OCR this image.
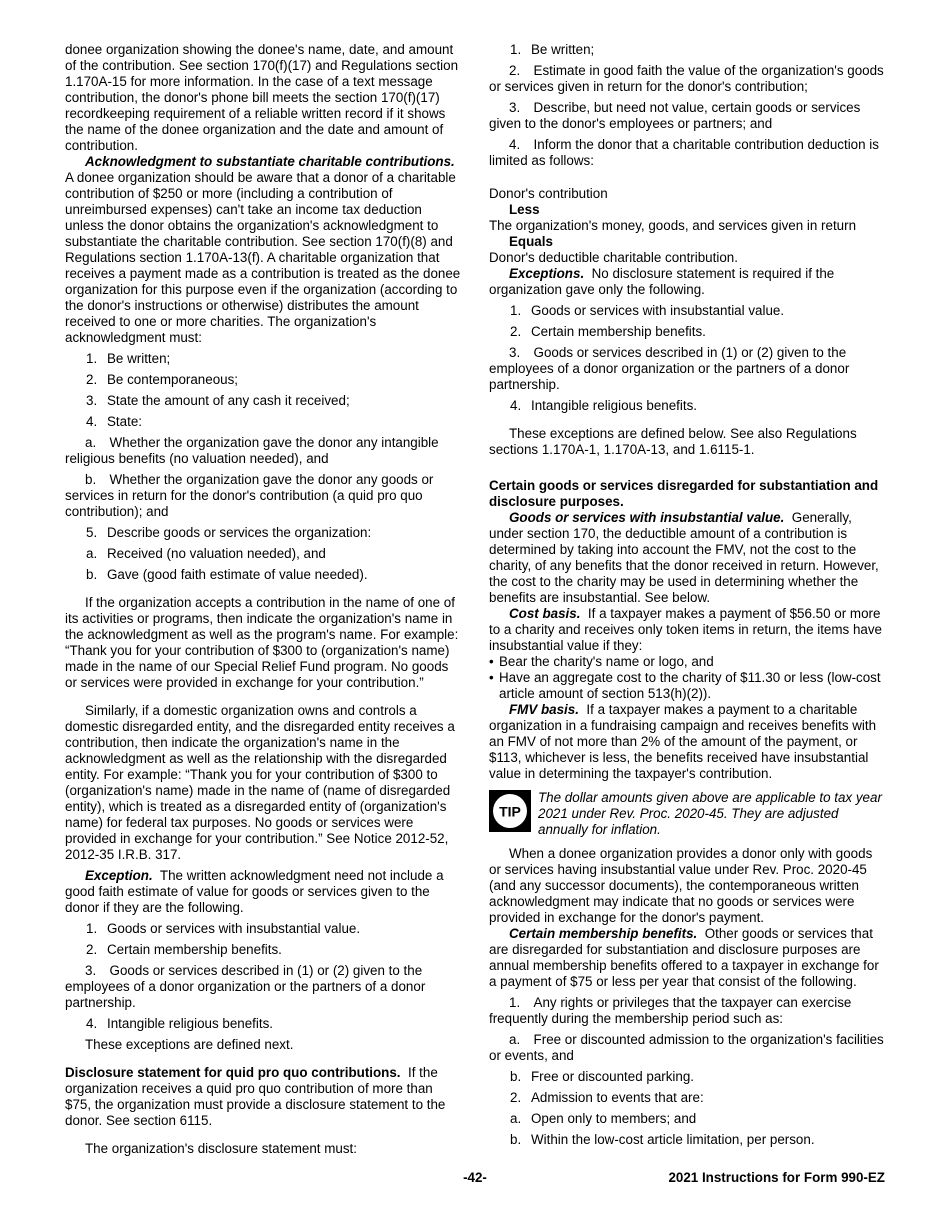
donee organization showing the donee's name, date, and amount of the contribution. See section 170(f)(17) and Regulations section 1.170A-15 for more information. In the case of a text message contribution, the donor's phone bill meets the section 170(f)(17) recordkeeping requirement of a reliable written record if it shows the name of the donee organization and the date and amount of contribution.

Acknowledgment to substantiate charitable contributions.  A donee organization should be aware that a donor of a charitable contribution of $250 or more (including a contribution of unreimbursed expenses) can't take an income tax deduction unless the donor obtains the organization's acknowledgment to substantiate the charitable contribution. See section 170(f)(8) and Regulations section 1.170A-13(f). A charitable organization that receives a payment made as a contribution is treated as the donee organization for this purpose even if the organization (according to the donor's instructions or otherwise) distributes the amount received to one or more charities. The organization's acknowledgment must:

1. Be written;

2. Be contemporaneous;

3. State the amount of any cash it received;

4. State:

a. Whether the organization gave the donor any intangible religious benefits (no valuation needed), and

b. Whether the organization gave the donor any goods or services in return for the donor's contribution (a quid pro quo contribution); and

5. Describe goods or services the organization:

a. Received (no valuation needed), and

b. Gave (good faith estimate of value needed).

If the organization accepts a contribution in the name of one of its activities or programs, then indicate the organization's name in the acknowledgment as well as the program's name. For example: “Thank you for your contribution of $300 to (organization's name) made in the name of our Special Relief Fund program. No goods or services were provided in exchange for your contribution.”

Similarly, if a domestic organization owns and controls a domestic disregarded entity, and the disregarded entity receives a contribution, then indicate the organization's name in the acknowledgment as well as the relationship with the disregarded entity. For example: “Thank you for your contribution of $300 to (organization's name) made in the name of (name of disregarded entity), which is treated as a disregarded entity of (organization's name) for federal tax purposes. No goods or services were provided in exchange for your contribution.” See Notice 2012-52, 2012-35 I.R.B. 317.

Exception. The written acknowledgment need not include a good faith estimate of value for goods or services given to the donor if they are the following.

1. Goods or services with insubstantial value.

2. Certain membership benefits.

3. Goods or services described in (1) or (2) given to the employees of a donor organization or the partners of a donor partnership.

4. Intangible religious benefits.

These exceptions are defined next.

Disclosure statement for quid pro quo contributions. If the organization receives a quid pro quo contribution of more than $75, the organization must provide a disclosure statement to the donor. See section 6115.

The organization's disclosure statement must:

1. Be written;

2. Estimate in good faith the value of the organization's goods or services given in return for the donor's contribution;

3. Describe, but need not value, certain goods or services given to the donor's employees or partners; and

4. Inform the donor that a charitable contribution deduction is limited as follows:

Donor's contribution

Less

The organization's money, goods, and services given in return

Equals

Donor's deductible charitable contribution.

Exceptions. No disclosure statement is required if the organization gave only the following.

1. Goods or services with insubstantial value.

2. Certain membership benefits.

3. Goods or services described in (1) or (2) given to the employees of a donor organization or the partners of a donor partnership.

4. Intangible religious benefits.

These exceptions are defined below. See also Regulations sections 1.170A-1, 1.170A-13, and 1.6115-1.

Certain goods or services disregarded for substantiation and disclosure purposes.

Goods or services with insubstantial value. Generally, under section 170, the deductible amount of a contribution is determined by taking into account the FMV, not the cost to the charity, of any benefits that the donor received in return. However, the cost to the charity may be used in determining whether the benefits are insubstantial. See below.

Cost basis. If a taxpayer makes a payment of $56.50 or more to a charity and receives only token items in return, the items have insubstantial value if they:

• Bear the charity's name or logo, and

• Have an aggregate cost to the charity of $11.30 or less (low-cost article amount of section 513(h)(2)).

FMV basis. If a taxpayer makes a payment to a charitable organization in a fundraising campaign and receives benefits with an FMV of not more than 2% of the amount of the payment, or $113, whichever is less, the benefits received have insubstantial value in determining the taxpayer's contribution.

TIP

The dollar amounts given above are applicable to tax year 2021 under Rev. Proc. 2020-45. They are adjusted annually for inflation.

When a donee organization provides a donor only with goods or services having insubstantial value under Rev. Proc. 2020-45 (and any successor documents), the contemporaneous written acknowledgment may indicate that no goods or services were provided in exchange for the donor's payment.

Certain membership benefits. Other goods or services that are disregarded for substantiation and disclosure purposes are annual membership benefits offered to a taxpayer in exchange for a payment of $75 or less per year that consist of the following.

1. Any rights or privileges that the taxpayer can exercise frequently during the membership period such as:

a. Free or discounted admission to the organization's facilities or events, and

b. Free or discounted parking.

2. Admission to events that are:

a. Open only to members; and

b. Within the low-cost article limitation, per person.

-42-	2021 Instructions for Form 990-EZ
